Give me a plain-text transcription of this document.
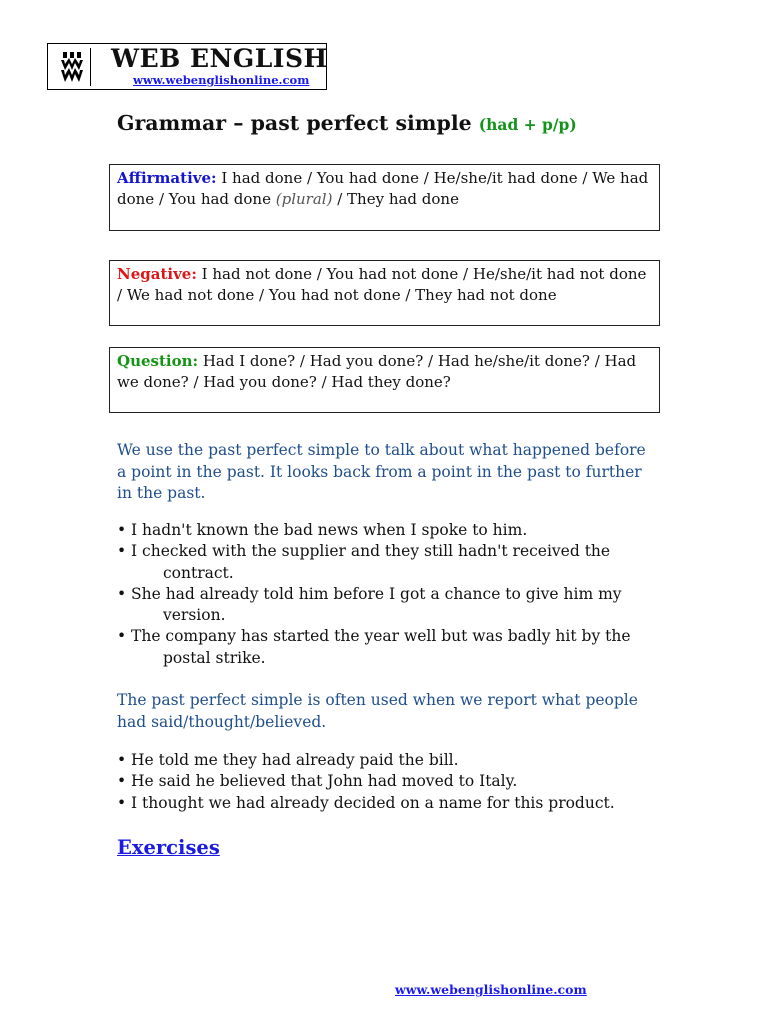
WEB ENGLISH
www.webenglishonline.com
Grammar – past perfect simple (had + p/p)
Affirmative: I had done / You had done / He/she/it had done / We had done / You had done (plural) / They had done
Negative: I had not done / You had not done / He/she/it had not done / We had not done / You had not done / They had not done
Question: Had I done? / Had you done? / Had he/she/it done? / Had we done? / Had you done? / Had they done?
We use the past perfect simple to talk about what happened before a point in the past. It looks back from a point in the past to further in the past.
• I hadn't known the bad news when I spoke to him.
• I checked with the supplier and they still hadn't received the
contract.
• She had already told him before I got a chance to give him my
version.
• The company has started the year well but was badly hit by the
postal strike.
The past perfect simple is often used when we report what people had said/thought/believed.
• He told me they had already paid the bill.
• He said he believed that John had moved to Italy.
• I thought we had already decided on a name for this product.
Exercises
www.webenglishonline.com
